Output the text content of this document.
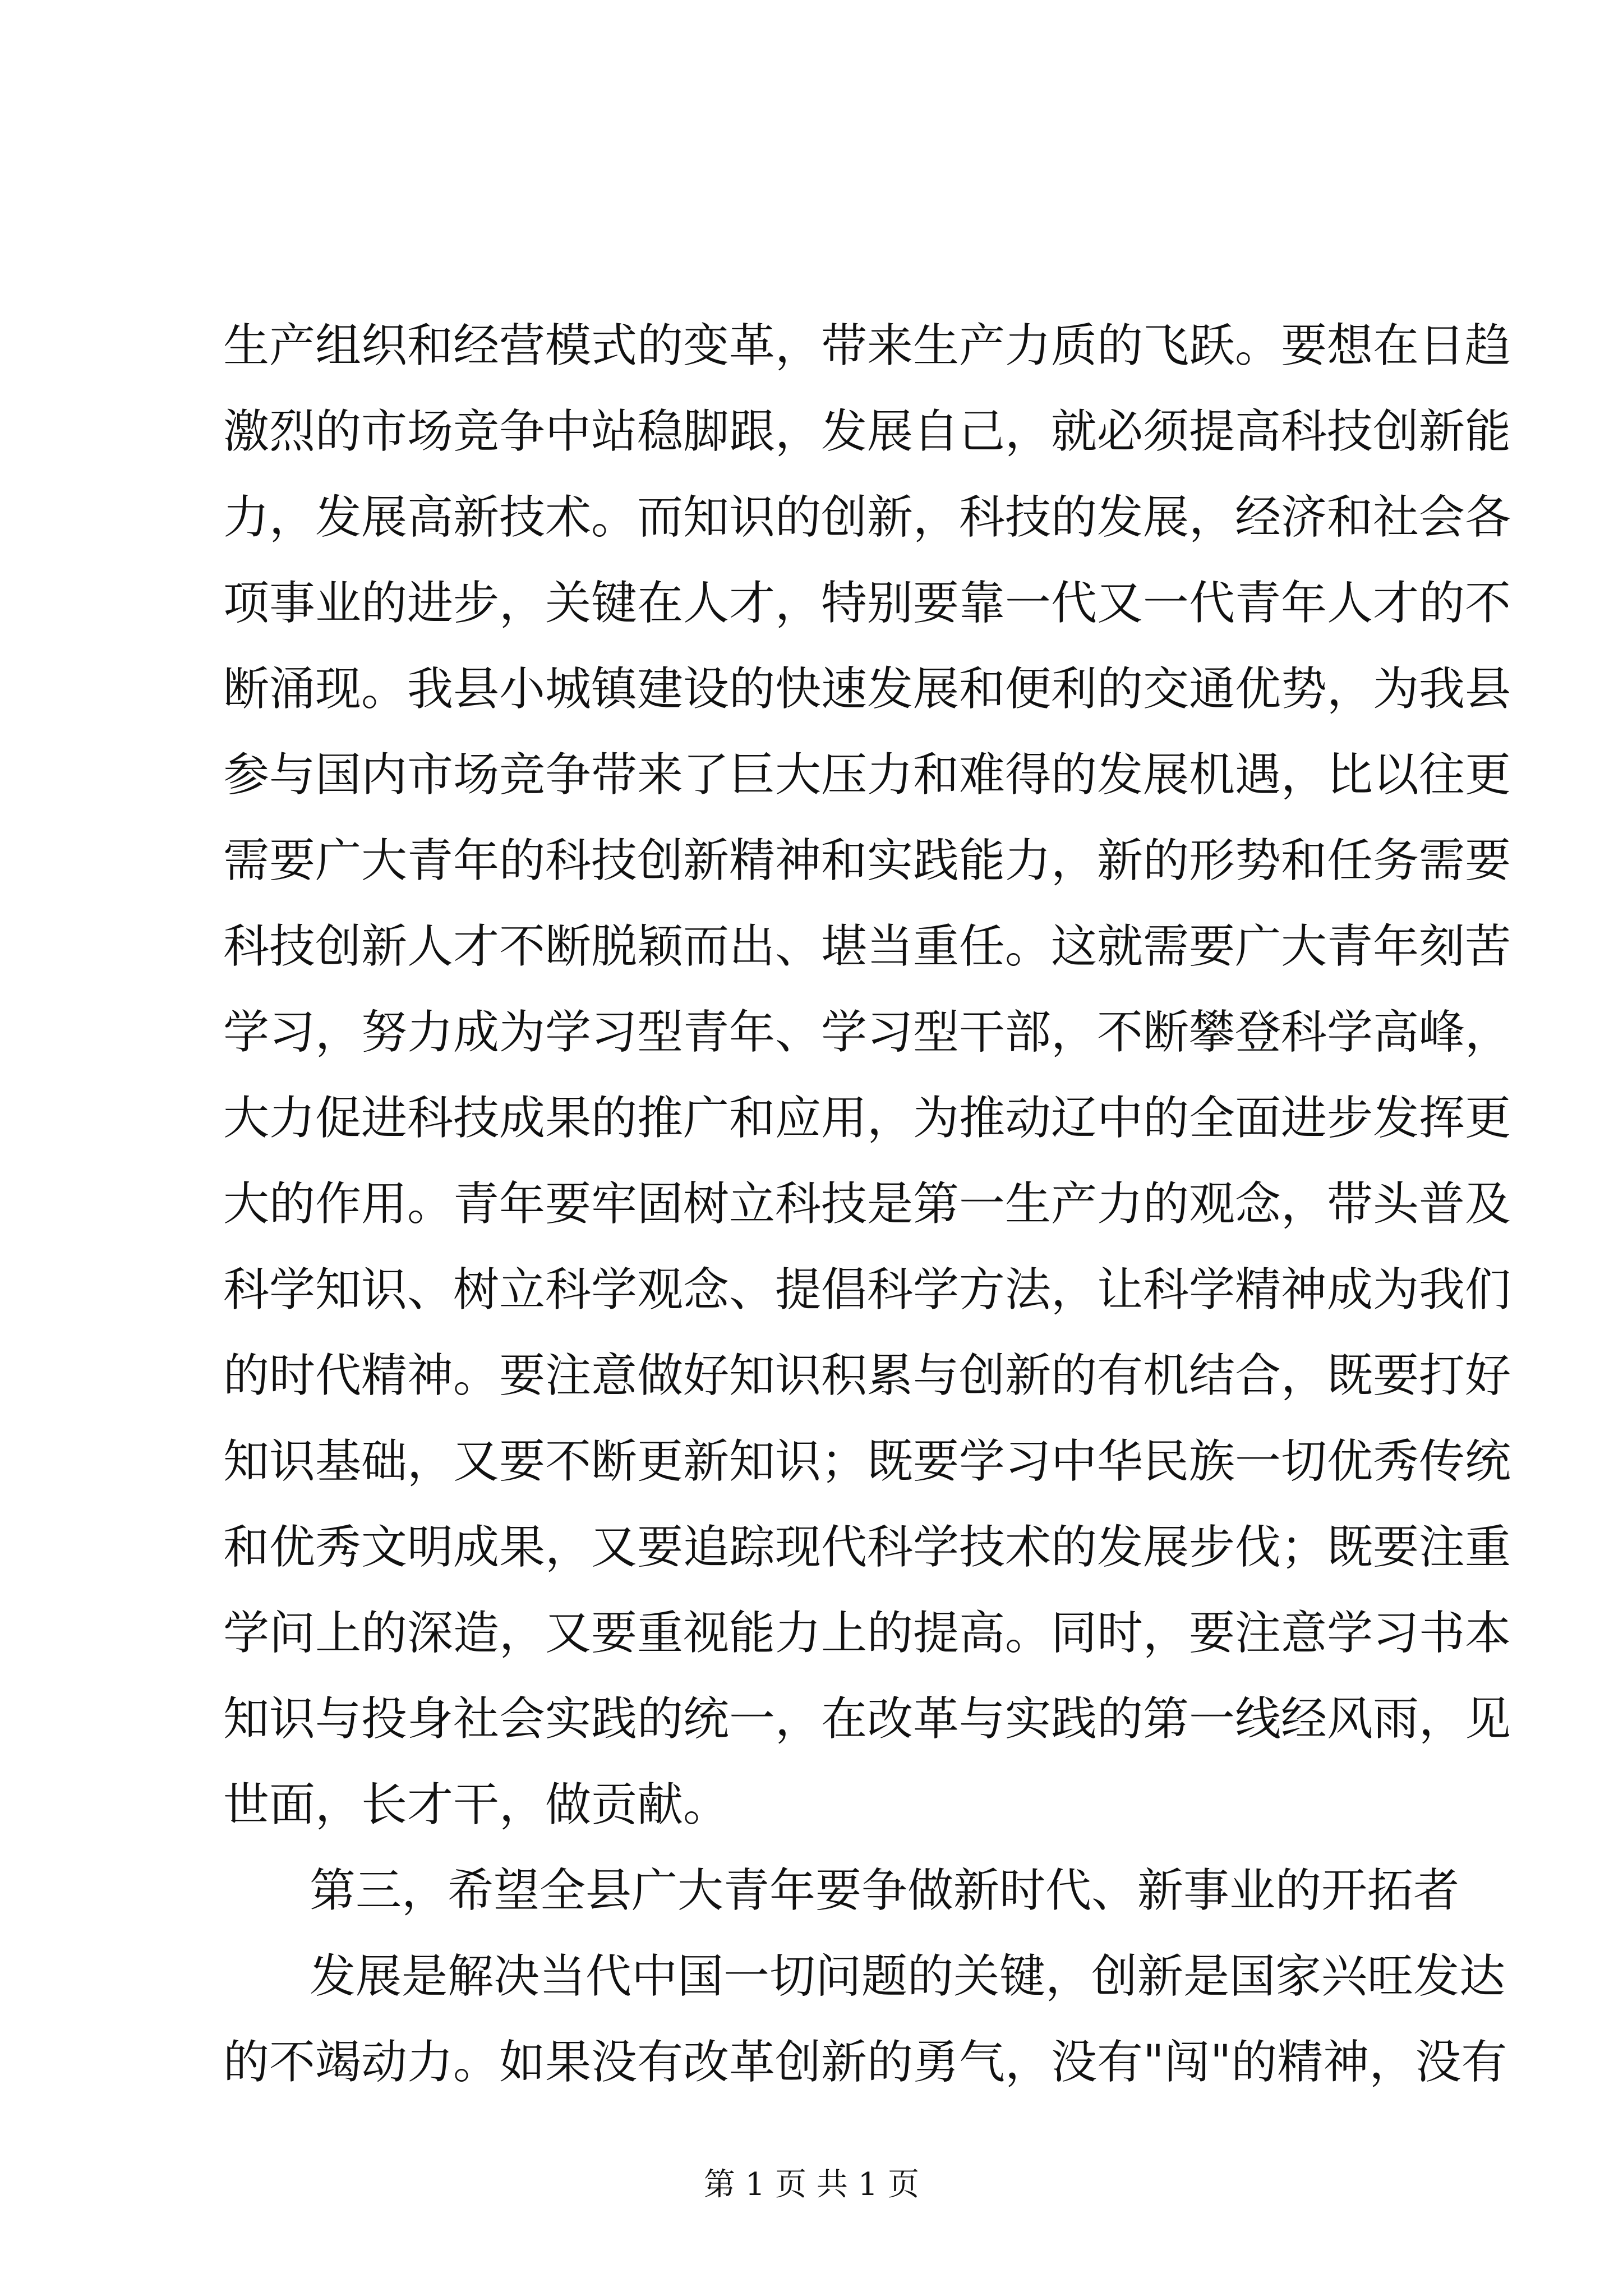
生产组织和经营模式的变革，带来生产力质的飞跃。要想在日趋
激烈的市场竞争中站稳脚跟，发展自己，就必须提高科技创新能
力，发展高新技术。而知识的创新，科技的发展，经济和社会各
项事业的进步，关键在人才，特别要靠一代又一代青年人才的不
断涌现。我县小城镇建设的快速发展和便利的交通优势，为我县
参与国内市场竞争带来了巨大压力和难得的发展机遇，比以往更
需要广大青年的科技创新精神和实践能力，新的形势和任务需要
科技创新人才不断脱颖而出、堪当重任。这就需要广大青年刻苦
学习，努力成为学习型青年、学习型干部，不断攀登科学高峰，
大力促进科技成果的推广和应用，为推动辽中的全面进步发挥更
大的作用。青年要牢固树立科技是第一生产力的观念，带头普及
科学知识、树立科学观念、提倡科学方法，让科学精神成为我们
的时代精神。要注意做好知识积累与创新的有机结合，既要打好
知识基础，又要不断更新知识；既要学习中华民族一切优秀传统
和优秀文明成果，又要追踪现代科学技术的发展步伐；既要注重
学问上的深造，又要重视能力上的提高。同时，要注意学习书本
知识与投身社会实践的统一，在改革与实践的第一线经风雨，见
世面，长才干，做贡献。
第三，希望全县广大青年要争做新时代、新事业的开拓者
发展是解决当代中国一切问题的关键，创新是国家兴旺发达
的不竭动力。如果没有改革创新的勇气，没有"闯"的精神，没有
第 1 页 共 1 页
